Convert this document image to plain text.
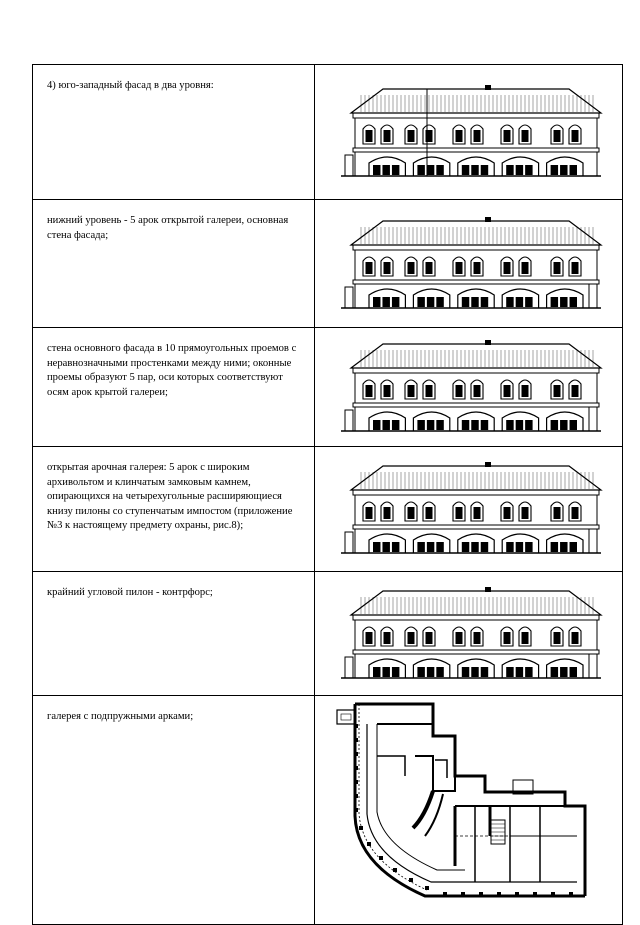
4) юго-западный фасад в два уровня:	

нижний уровень - 5 арок открытой галереи, основная стена фасада;	

стена основного фасада в 10 прямоугольных проемов с неравнозначными простенками между ними; оконные проемы образуют 5 пар, оси которых соответствуют осям арок крытой галереи;	

открытая арочная галерея: 5 арок с широким архивольтом и клинчатым замковым камнем, опирающихся на четырехугольные расширяющиеся книзу пилоны со ступенчатым импостом (приложение №3 к настоящему предмету охраны, рис.8);	

крайний угловой пилон - контрфорс;	

галерея с подпружными арками;	
